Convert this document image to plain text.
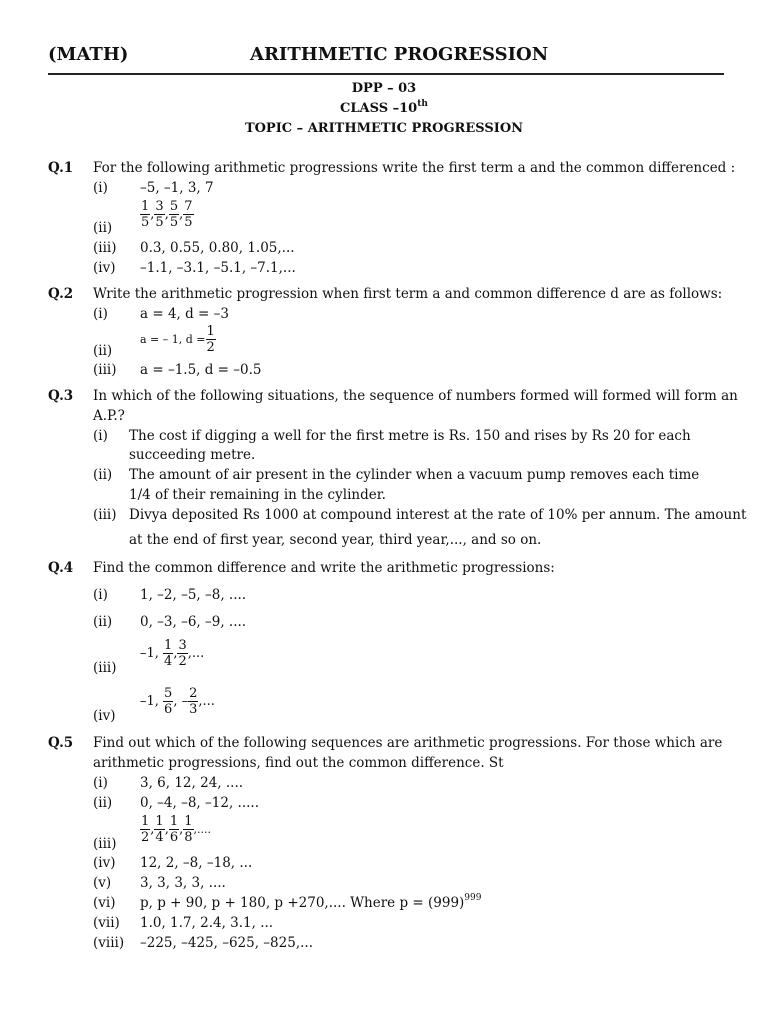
(MATH)	ARITHMETIC PROGRESSION
DPP – 03
CLASS –10th
TOPIC – ARITHMETIC PROGRESSION
Q.1 For the following arithmetic progressions write the first term a and the common differenced :
(i) –5, –1, 3, 7
$(ii) \frac{1}{5}$ , $\frac{3}{5}$ , $\frac{5}{5}$ , $\frac{7}{5}$
(iii) 0.3, 0.55, 0.80, 1.05,...
(iv) –1.1, –3.1, –5.1, –7.1,...
Q.2 Write the arithmetic progression when first term a and common difference d are as follows:
(i) a = 4, d = –3
(ii)
a = – 1, $d = \frac{1}{2}$
(iii) a = –1.5, d = –0.5
Q.3 In which of the following situations, the sequence of numbers formed will formed will form an
A.P.?
(i) The cost if digging a well for the first metre is Rs. 150 and rises by Rs 20 for each
succeeding metre.
(ii) The amount of air present in the cylinder when a vacuum pump removes each time
1/4 of their remaining in the cylinder.
(iii) Divya deposited Rs 1000 at compound interest at the rate of 10% per annum. The amount
at the end of first year, second year, third year,..., and so on.
Q.4 Find the common difference and write the arithmetic progressions:
(i) 1, –2, –5, –8, ....
(ii) 0, –3, –6, –9, ....
(iii)
–1, $\frac{1}{4}$ , $\frac{3}{2}$ ,...
(iv)
–1, $\frac{5}{6}$ , – $\frac{2}{3}$ ,...
Q.5 Find out which of the following sequences are arithmetic progressions. For those which are
arithmetic progressions, find out the common difference. St
(i) 3, 6, 12, 24, ....
(ii) 0, –4, –8, –12, .....
$(iii) \frac{1}{2}$ , $\frac{1}{4}$ , $\frac{1}{6}$ , $\frac{1}{8}$ ,....
(iv) 12, 2, –8, –18, ...
(v) 3, 3, 3, 3, ....
(vi) p, p + 90, p + 180, p +270,.... Where $p = (999)^{999}$
(vii) 1.0, 1.7, 2.4, 3.1, ...
(viii) –225, –425, –625, –825,...
